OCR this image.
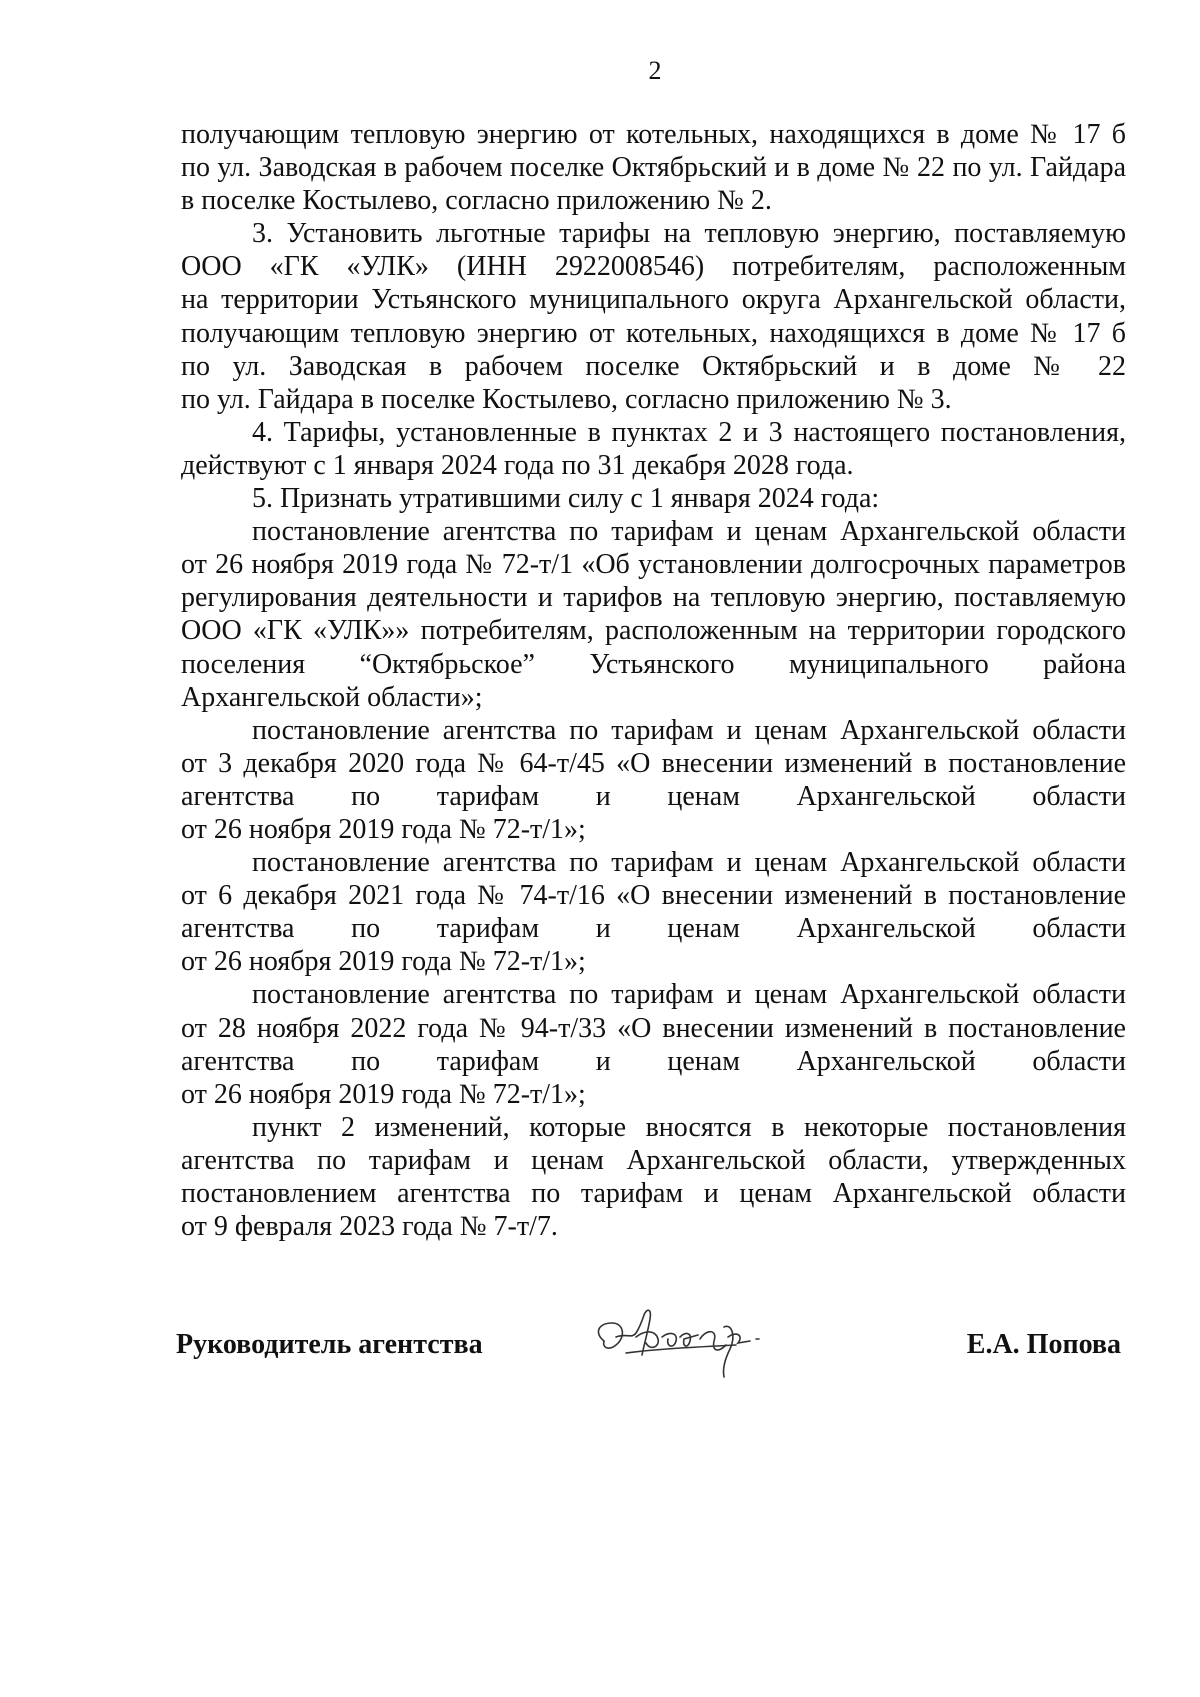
2
получающим тепловую энергию от котельных, находящихся в доме № 17 б
по ул. Заводская в рабочем поселке Октябрьский и в доме № 22 по ул. Гайдара
в поселке Костылево, согласно приложению № 2.
3. Установить льготные тарифы на тепловую энергию, поставляемую
ООО «ГК «УЛК» (ИНН 2922008546) потребителям, расположенным
на территории Устьянского муниципального округа Архангельской области,
получающим тепловую энергию от котельных, находящихся в доме № 17 б
по ул. Заводская в рабочем поселке Октябрьский и в доме № 22
по ул. Гайдара в поселке Костылево, согласно приложению № 3.
4. Тарифы, установленные в пунктах 2 и 3 настоящего постановления,
действуют с 1 января 2024 года по 31 декабря 2028 года.
5. Признать утратившими силу с 1 января 2024 года:
постановление агентства по тарифам и ценам Архангельской области
от 26 ноября 2019 года № 72-т/1 «Об установлении долгосрочных параметров
регулирования деятельности и тарифов на тепловую энергию, поставляемую
ООО «ГК «УЛК»» потребителям, расположенным на территории городского
поселения “Октябрьское” Устьянского муниципального района
Архангельской области»;
постановление агентства по тарифам и ценам Архангельской области
от 3 декабря 2020 года № 64-т/45 «О внесении изменений в постановление
агентства по тарифам и ценам Архангельской области
от 26 ноября 2019 года № 72-т/1»;
постановление агентства по тарифам и ценам Архангельской области
от 6 декабря 2021 года № 74-т/16 «О внесении изменений в постановление
агентства по тарифам и ценам Архангельской области
от 26 ноября 2019 года № 72-т/1»;
постановление агентства по тарифам и ценам Архангельской области
от 28 ноября 2022 года № 94-т/33 «О внесении изменений в постановление
агентства по тарифам и ценам Архангельской области
от 26 ноября 2019 года № 72-т/1»;
пункт 2 изменений, которые вносятся в некоторые постановления
агентства по тарифам и ценам Архангельской области, утвержденных
постановлением агентства по тарифам и ценам Архангельской области
от 9 февраля 2023 года № 7-т/7.
Руководитель агентства	Е.А. Попова
